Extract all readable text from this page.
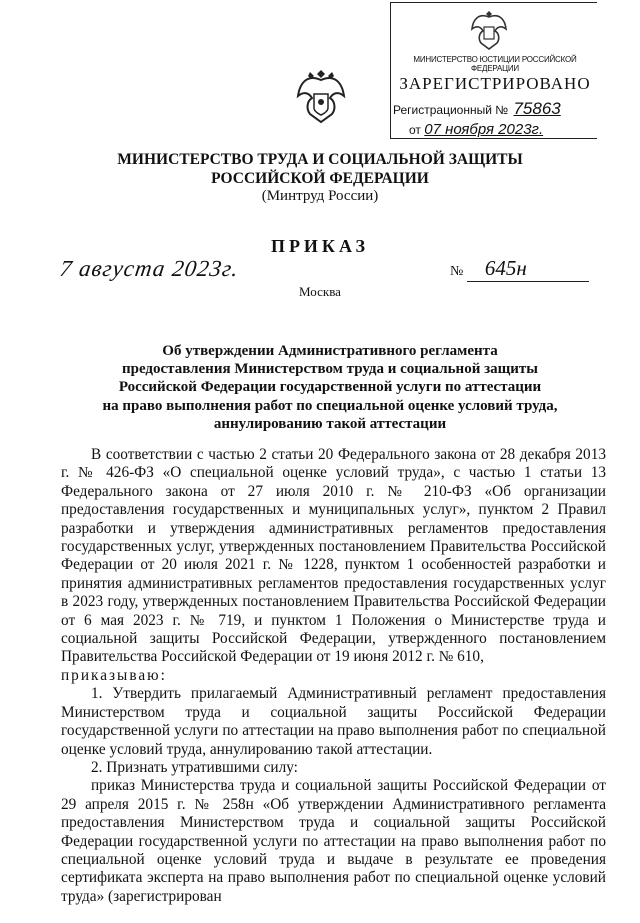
МИНИСТЕРСТВО ЮСТИЦИИ РОССИЙСКОЙ ФЕДЕРАЦИИ
ЗАРЕГИСТРИРОВАНО
Регистрационный № 75863
от 07 ноября 2023г.
МИНИСТЕРСТВО ТРУДА И СОЦИАЛЬНОЙ ЗАЩИТЫ
РОССИЙСКОЙ ФЕДЕРАЦИИ
(Минтруд России)
ПРИКАЗ
7 августа 2023г.	№ 645н
Москва
Об утверждении Административного регламента
предоставления Министерством труда и социальной защиты
Российской Федерации государственной услуги по аттестации
на право выполнения работ по специальной оценке условий труда,
аннулированию такой аттестации

В соответствии с частью 2 статьи 20 Федерального закона от 28 декабря 2013 г. № 426-ФЗ «О специальной оценке условий труда», с частью 1 статьи 13 Федерального закона от 27 июля 2010 г. № 210-ФЗ «Об организации предоставления государственных и муниципальных услуг», пунктом 2 Правил разработки и утверждения административных регламентов предоставления государственных услуг, утвержденных постановлением Правительства Российской Федерации от 20 июля 2021 г. № 1228, пунктом 1 особенностей разработки и принятия административных регламентов предоставления государственных услуг в 2023 году, утвержденных постановлением Правительства Российской Федерации от 6 мая 2023 г. № 719, и пунктом 1 Положения о Министерстве труда и социальной защиты Российской Федерации, утвержденного постановлением Правительства Российской Федерации от 19 июня 2012 г. № 610,

приказываю:

1. Утвердить прилагаемый Административный регламент предоставления Министерством труда и социальной защиты Российской Федерации государственной услуги по аттестации на право выполнения работ по специальной оценке условий труда, аннулированию такой аттестации.

2. Признать утратившими силу:

приказ Министерства труда и социальной защиты Российской Федерации от 29 апреля 2015 г. № 258н «Об утверждении Административного регламента предоставления Министерством труда и социальной защиты Российской Федерации государственной услуги по аттестации на право выполнения работ по специальной оценке условий труда и выдаче в результате ее проведения сертификата эксперта на право выполнения работ по специальной оценке условий труда» (зарегистрирован
